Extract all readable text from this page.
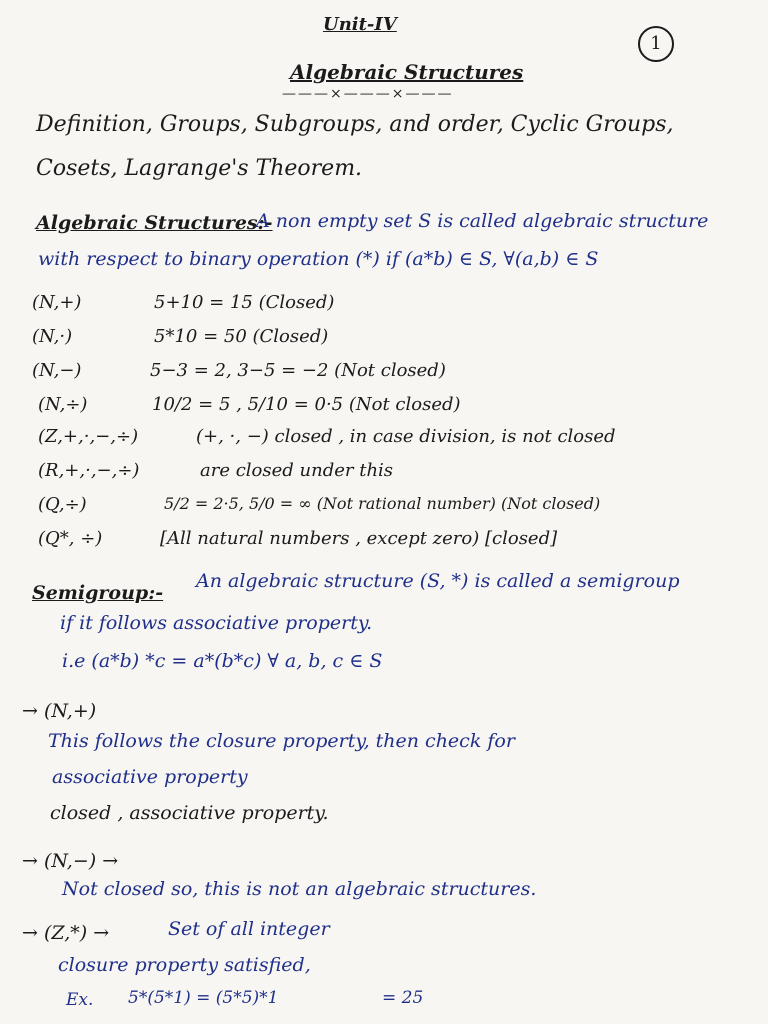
Unit-IV
1
Algebraic Structures
———×———×———
Definition, Groups, Subgroups, and order, Cyclic Groups,
Cosets, Lagrange's Theorem.
Algebraic Structures:-
A non empty set S is called algebraic structure
with respect to binary operation (*) if (a*b) ∈ S, ∀(a,b) ∈ S
(N,+)	5+10 = 15 (Closed)
(N,·)	5*10 = 50 (Closed)
(N,−)	5−3 = 2, 3−5 = −2 (Not closed)
(N,÷)	10/2 = 5 , 5/10 = 0·5 (Not closed)
(Z,+,·,−,÷)	(+, ·, −) closed , in case division, is not closed
(R,+,·,−,÷)	are closed under this
(Q,÷)	5/2 = 2·5, 5/0 = ∞ (Not rational number) (Not closed)
(Q*, ÷)	[All natural numbers , except zero) [closed]
Semigroup:-
An algebraic structure (S, *) is called a semigroup
if it follows associative property.
i.e (a*b) *c = a*(b*c) ∀ a, b, c ∈ S
→ (N,+)
This follows the closure property, then check for
associative property
closed , associative property.
→ (N,−) →
Not closed so, this is not an algebraic structures.
→ (Z,*) →	Set of all integer
closure property satisfied,
Ex. 5*(5*1) = (5*5)*1	= 25
